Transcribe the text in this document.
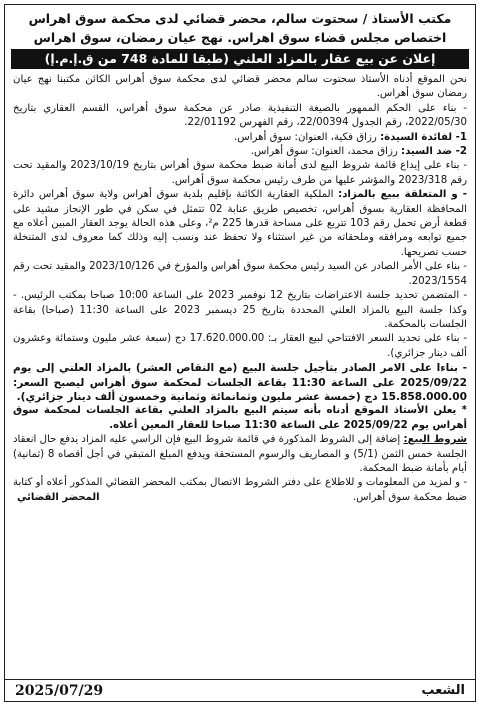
مكتب الأستاذ / سحتوت سالم، محضر قضائي لدى محكمة سوق اهراس
اختصاص مجلس قضاء سوق اهراس. نهج عيان رمضان، سوق اهراس
إعلان عن بيع عقار بالمزاد العلني (طبقا للمادة 748 من ق.إ.م.إ)

نحن الموقع أدناه الأستاذ سحتوت سالم محضر قضائي لدى محكمة سوق أهراس الكائن مكتبنا نهج عيان رمضان سوق أهراس.

- بناء على الحكم الممهور بالصيغة التنفيذية صادر عن محكمة سوق أهراس، القسم العقاري بتاريخ 2022/05/30، رقم الجدول 22/00394، رقم الفهرس 22/01192.

1- لفائدة السيدة: رزاق فكية، العنوان: سوق أهراس.

2- ضد السيد: رزاق محمد، العنوان: سوق أهراس.

- بناء على إيداع قائمة شروط البيع لدى أمانة ضبط محكمة سوق أهراس بتاريخ 2023/10/19 والمقيد تحت رقم 2023/318 والمؤشر عليها من طرف رئيس محكمة سوق أهراس.

- و المتعلقة ببيع بالمزاد: الملكية العقارية الكائنة بإقليم بلدية سوق أهراس ولاية سوق أهراس دائرة المحافظة العقارية بسوق أهراس، تخصيص طريق عنابة 02 تتمثل في سكن في طور الإنجاز مشيد على قطعة أرض تحمل رقم 103 تتربع على مساحة قدرها 225 م²، وعلى هذه الحالة يوجد العقار المبين أعلاه مع جميع توابعه ومرافقه وملحقاته من غير استثناء ولا تحفظ عند ونسب إليه وذلك كما معروف لدى المتنخلة حسب تصريحها.

- بناء على الأمر الصادر عن السيد رئيس محكمة سوق أهراس والمؤرخ في 2023/10/126 والمقيد تحت رقم 2023/1554.

- المتضمن تحديد جلسة الاعتراضات بتاريخ 12 نوفمبر 2023 على الساعة 10:00 صباحا بمكتب الرئيس. - وكذا جلسة البيع بالمزاد العلني المحددة بتاريخ 25 ديسمبر 2023 على الساعة 11:30 (صباحا) بقاعة الجلسات بالمحكمة.

- بناء على تحديد السعر الافتتاحي لبيع العقار بـ: 17.620.000.00 دج (سبعة عشر مليون وستمائة وعشرون ألف دينار جزائري).

- بناءا على الامر الصادر بتأجيل جلسة البيع (مع النقاص العشر) بالمزاد العلني إلى يوم 2025/09/22 على الساعة 11:30 بقاعة الجلسات لمحكمة سوق أهراس ليصبح السعر: 15.858.000.00 دج (خمسة عشر مليون وثمانمائة وثمانية وخمسون ألف دينار جزائري).

* يعلن الأستاذ الموقع أدناه بأنه سيتم البيع بالمزاد العلني بقاعة الجلسات لمحكمة سوق أهراس يوم 2025/09/22 على الساعة 11:30 صباحا للعقار المعين أعلاه.

شروط البيع: إضافة إلى الشروط المذكورة في قائمة شروط البيع فإن الراسي عليه المزاد يدفع حال انعقاد الجلسة خمس الثمن (5/1) و المصاريف والرسوم المستحقة ويدفع المبلغ المتبقي في أجل أقصاه 8 (ثمانية) أيام بأمانة ضبط المحكمة.

- و لمزيد من المعلومات و للاطلاع على دفتر الشروط الاتصال بمكتب المحضر القضائي المذكور أعلاه أو كتابة ضبط محكمة سوق أهراس.

المحضر القضائي
الشعب
2025/07/29
